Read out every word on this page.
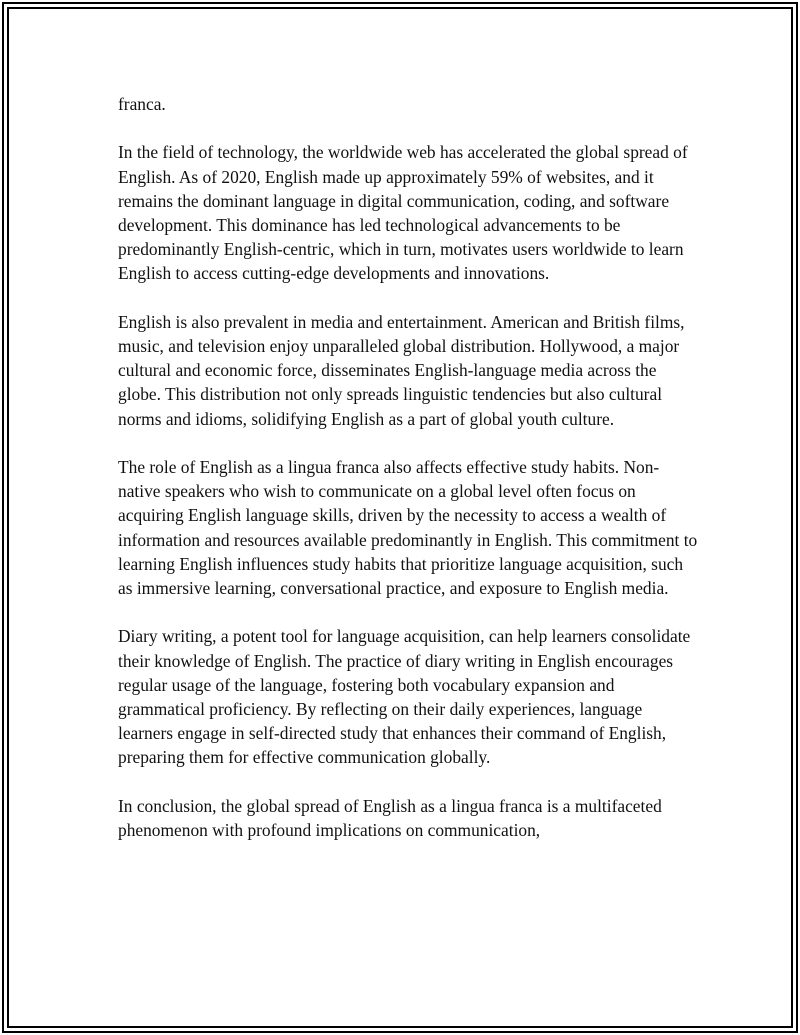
franca.

In the field of technology, the worldwide web has accelerated the global spread of English. As of 2020, English made up approximately 59% of websites, and it remains the dominant language in digital communication, coding, and software development. This dominance has led technological advancements to be predominantly English-centric, which in turn, motivates users worldwide to learn English to access cutting-edge developments and innovations.

English is also prevalent in media and entertainment. American and British films, music, and television enjoy unparalleled global distribution. Hollywood, a major cultural and economic force, disseminates English-language media across the globe. This distribution not only spreads linguistic tendencies but also cultural norms and idioms, solidifying English as a part of global youth culture.

The role of English as a lingua franca also affects effective study habits. Non-native speakers who wish to communicate on a global level often focus on acquiring English language skills, driven by the necessity to access a wealth of information and resources available predominantly in English. This commitment to learning English influences study habits that prioritize language acquisition, such as immersive learning, conversational practice, and exposure to English media.

Diary writing, a potent tool for language acquisition, can help learners consolidate their knowledge of English. The practice of diary writing in English encourages regular usage of the language, fostering both vocabulary expansion and grammatical proficiency. By reflecting on their daily experiences, language learners engage in self-directed study that enhances their command of English, preparing them for effective communication globally.

In conclusion, the global spread of English as a lingua franca is a multifaceted phenomenon with profound implications on communication,
